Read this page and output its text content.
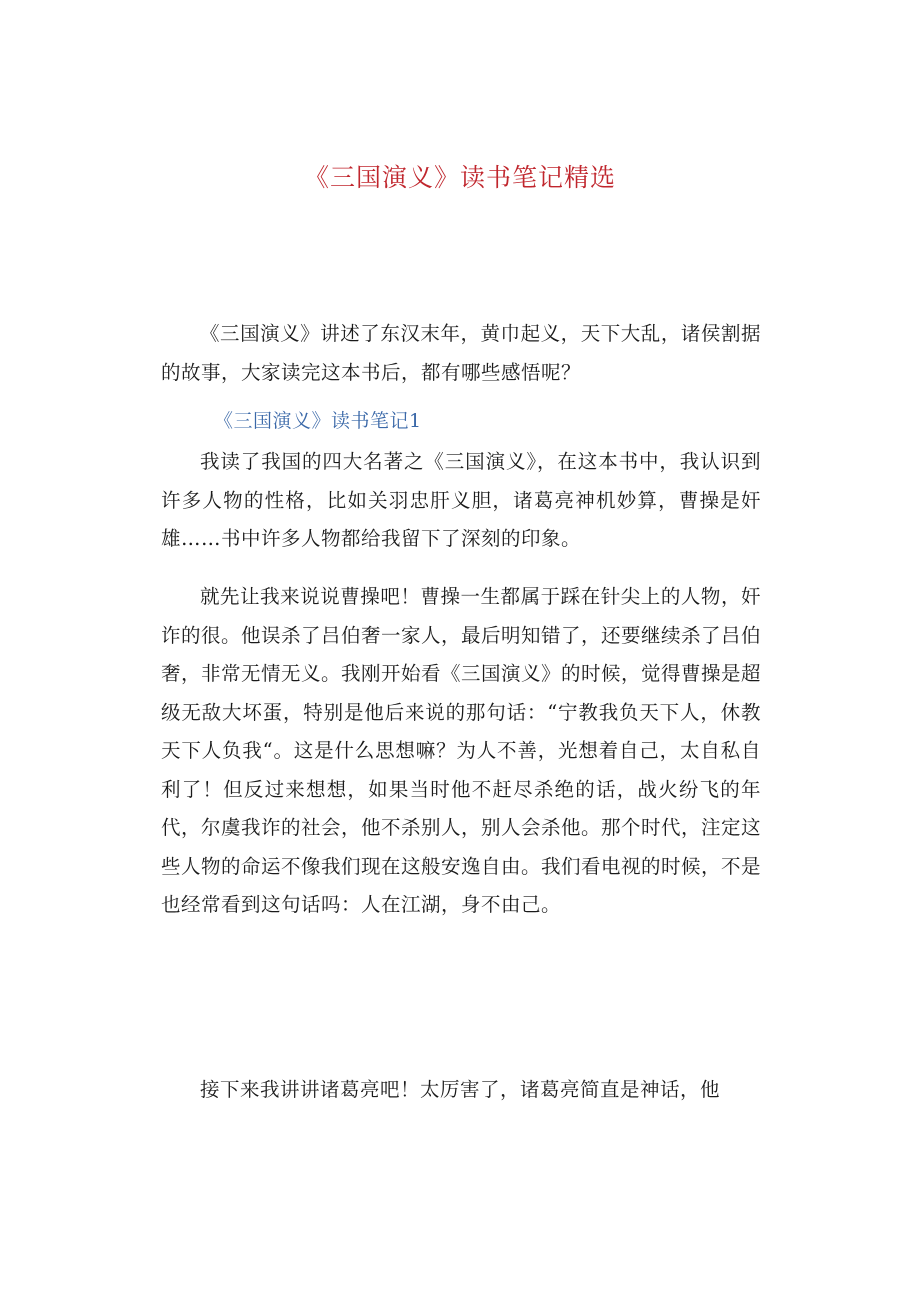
《三国演义》读书笔记精选

《三国演义》讲述了东汉末年，黄巾起义，天下大乱，诸侯割据的故事，大家读完这本书后，都有哪些感悟呢？

《三国演义》读书笔记1

我读了我国的四大名著之《三国演义》，在这本书中，我认识到许多人物的性格，比如关羽忠肝义胆，诸葛亮神机妙算，曹操是奸雄……书中许多人物都给我留下了深刻的印象。

就先让我来说说曹操吧！曹操一生都属于踩在针尖上的人物，奸诈的很。他误杀了吕伯奢一家人，最后明知错了，还要继续杀了吕伯奢，非常无情无义。我刚开始看《三国演义》的时候，觉得曹操是超级无敌大坏蛋，特别是他后来说的那句话：“宁教我负天下人，休教天下人负我“。这是什么思想嘛？为人不善，光想着自己，太自私自利了！但反过来想想，如果当时他不赶尽杀绝的话，战火纷飞的年代，尔虞我诈的社会，他不杀别人，别人会杀他。那个时代，注定这些人物的命运不像我们现在这般安逸自由。我们看电视的时候，不是也经常看到这句话吗：人在江湖，身不由己。

接下来我讲讲诸葛亮吧！太厉害了，诸葛亮简直是神话，他
